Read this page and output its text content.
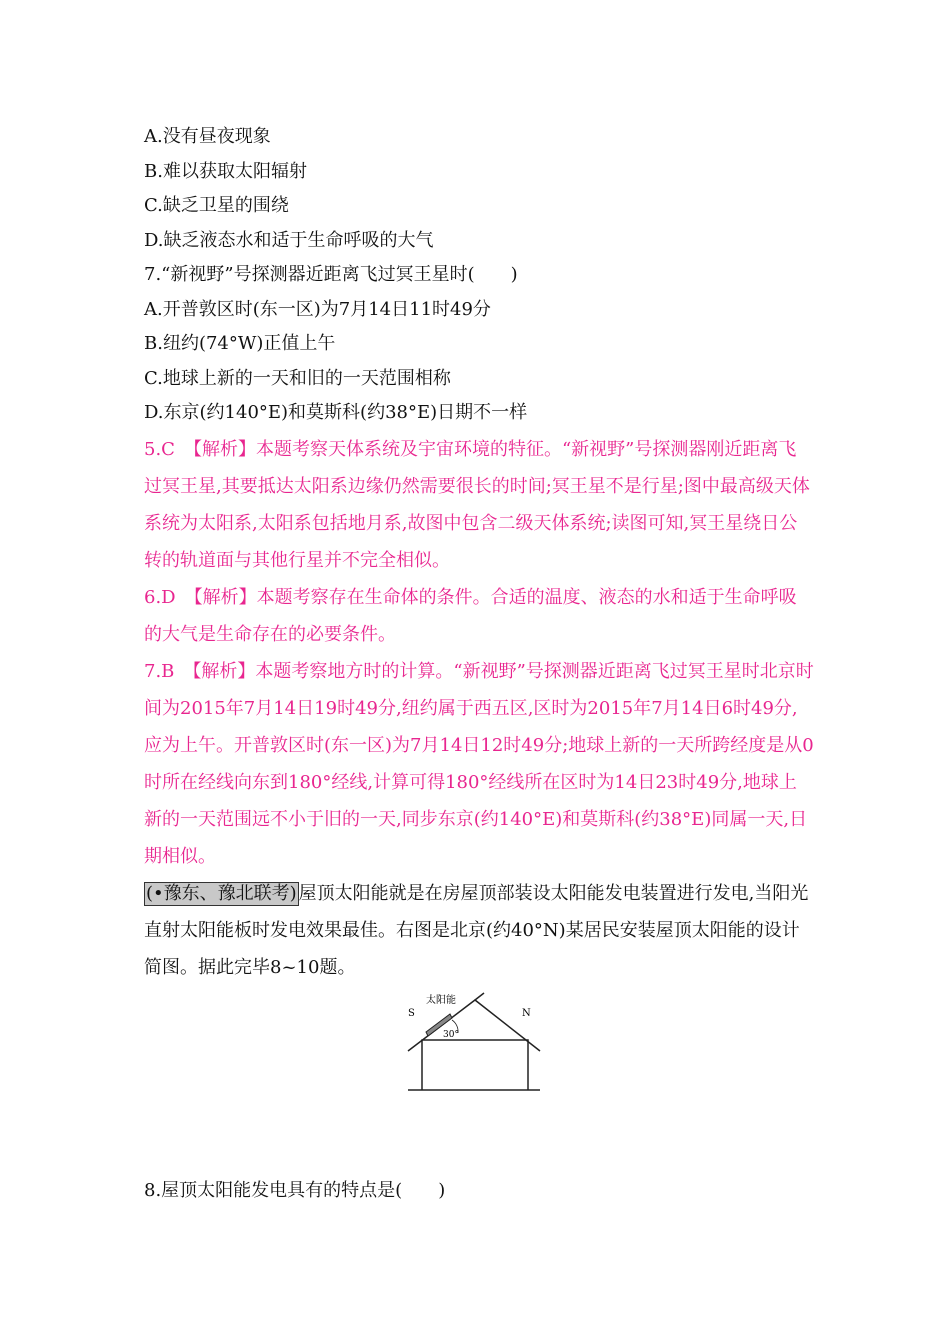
A.没有昼夜现象
B.难以获取太阳辐射
C.缺乏卫星的围绕
D.缺乏液态水和适于生命呼吸的大气
7.“新视野”号探测器近距离飞过冥王星时(　　)
A.开普敦区时(东一区)为7月14日11时49分
B.纽约(74°W)正值上午
C.地球上新的一天和旧的一天范围相称
D.东京(约140°E)和莫斯科(约38°E)日期不一样
5.C　【解析】本题考察天体系统及宇宙环境的特征。“新视野”号探测器刚近距离飞过冥王星,其要抵达太阳系边缘仍然需要很长的时间;冥王星不是行星;图中最高级天体系统为太阳系,太阳系包括地月系,故图中包含二级天体系统;读图可知,冥王星绕日公转的轨道面与其他行星并不完全相似。
6.D　【解析】本题考察存在生命体的条件。合适的温度、液态的水和适于生命呼吸的大气是生命存在的必要条件。
7.B　【解析】本题考察地方时的计算。“新视野”号探测器近距离飞过冥王星时北京时间为2015年7月14日19时49分,纽约属于西五区,区时为2015年7月14日6时49分,应为上午。开普敦区时(东一区)为7月14日12时49分;地球上新的一天所跨经度是从0时所在经线向东到180°经线,计算可得180°经线所在区时为14日23时49分,地球上新的一天范围远不小于旧的一天,同步东京(约140°E)和莫斯科(约38°E)同属一天,日期相似。
(•豫东、豫北联考) 屋顶太阳能就是在房屋顶部装设太阳能发电装置进行发电,当阳光直射太阳能板时发电效果最佳。右图是北京(约40°N)某居民安装屋顶太阳能的设计简图。据此完毕8~10题。
太阳能
S	N
30°
8.屋顶太阳能发电具有的特点是(　　)
